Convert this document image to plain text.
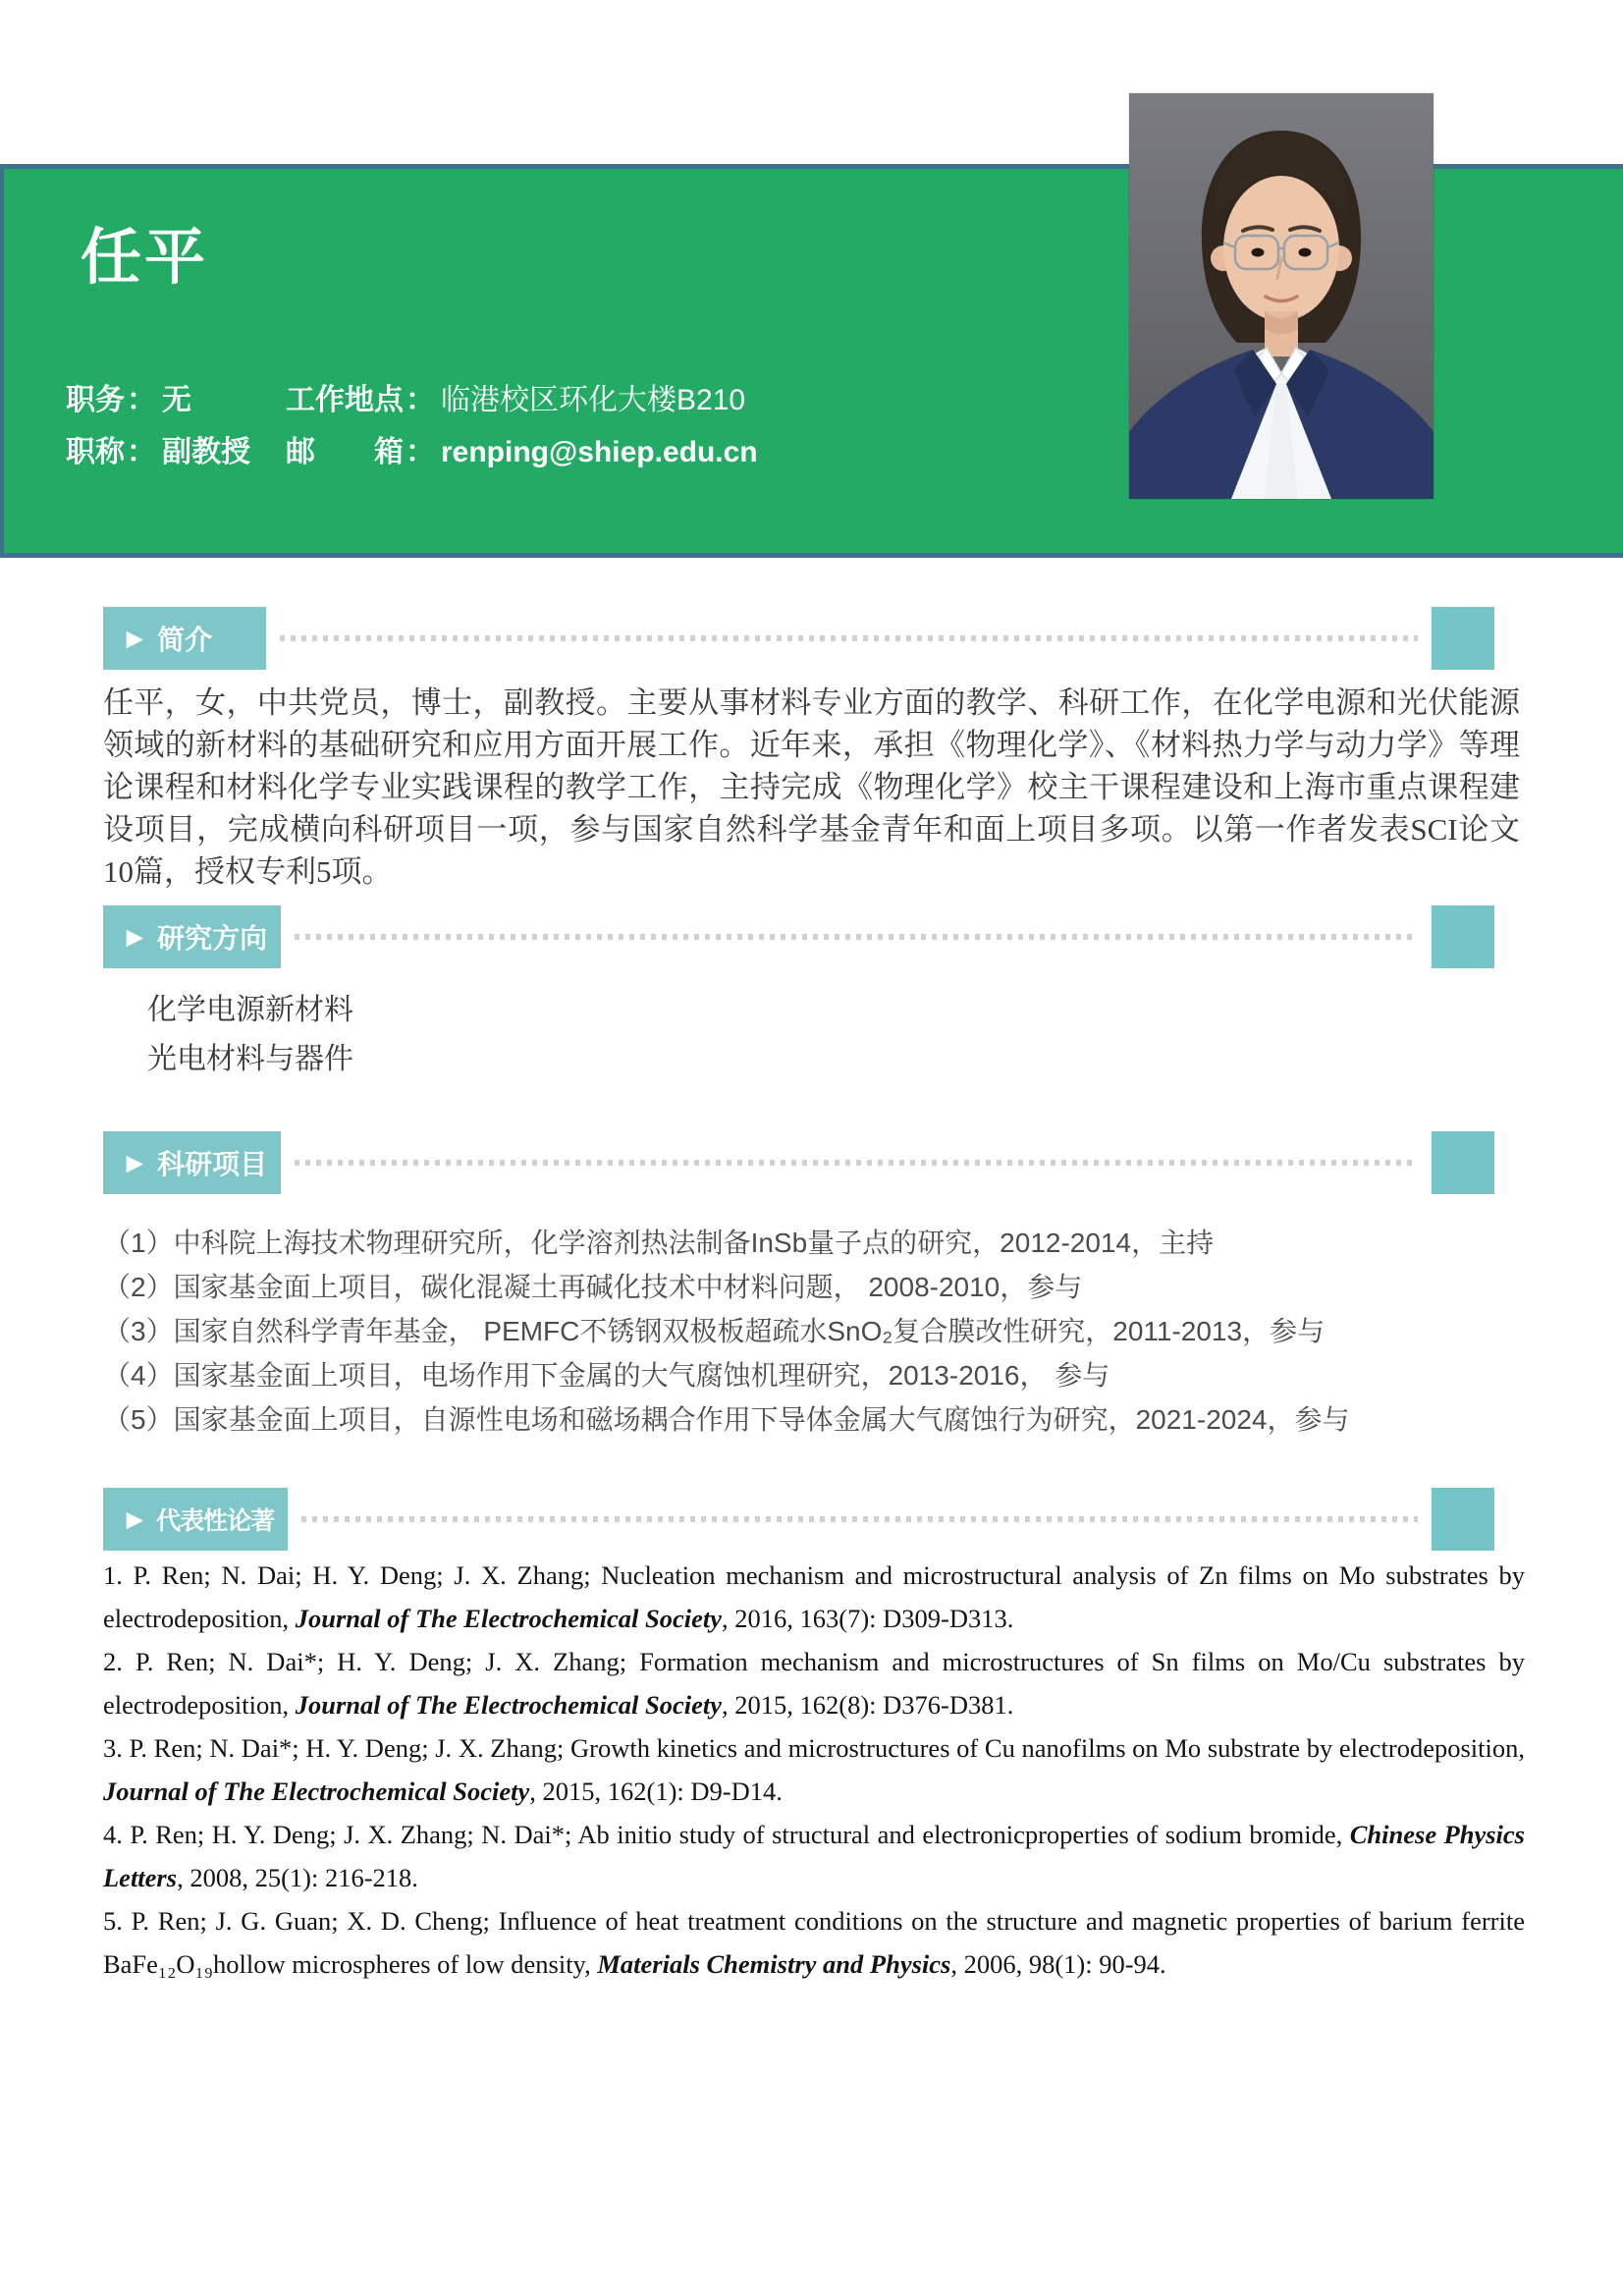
任平
职务 ： 无
职称 ： 副教授
工作地点 ： 临港校区环化大楼B210
邮箱 ： renping@shiep.edu.cn
▶ 简介
任平，女，中共党员，博士，副教授。主要从事材料专业方面的教学、科研工作，在化学电源和光伏能源领域的新材料的基础研究和应用方面开展工作。近年来，承担《物理化学》、《材料热力学与动力学》等理论课程和材料化学专业实践课程的教学工作，主持完成《物理化学》校主干课程建设和上海市重点课程建设项目，完成横向科研项目一项，参与国家自然科学基金青年和面上项目多项。以第一作者发表SCI论文10篇，授权专利5项。
▶ 研究方向
化学电源新材料
光电材料与器件
▶ 科研项目
（1）中科院上海技术物理研究所，化学溶剂热法制备InSb量子点的研究，2012-2014，主持
（2）国家基金面上项目，碳化混凝土再碱化技术中材料问题， 2008-2010，参与
（3）国家自然科学青年基金， PEMFC不锈钢双极板超疏水SnO₂复合膜改性研究，2011-2013，参与
（4）国家基金面上项目，电场作用下金属的大气腐蚀机理研究，2013-2016， 参与
（5）国家基金面上项目，自源性电场和磁场耦合作用下导体金属大气腐蚀行为研究，2021-2024，参与
▶ 代表性论著

1. P. Ren; N. Dai; H. Y. Deng; J. X. Zhang; Nucleation mechanism and microstructural analysis of Zn films on Mo substrates by electrodeposition, Journal of The Electrochemical Society, 2016, 163(7): D309-D313.

2. P. Ren; N. Dai*; H. Y. Deng; J. X. Zhang; Formation mechanism and microstructures of Sn films on Mo/Cu substrates by electrodeposition, Journal of The Electrochemical Society, 2015, 162(8): D376-D381.

3. P. Ren; N. Dai*; H. Y. Deng; J. X. Zhang; Growth kinetics and microstructures of Cu nanofilms on Mo substrate by electrodeposition, Journal of The Electrochemical Society, 2015, 162(1): D9-D14.

4. P. Ren; H. Y. Deng; J. X. Zhang; N. Dai*; Ab initio study of structural and electronicproperties of sodium bromide, Chinese Physics Letters, 2008, 25(1): 216-218.

5. P. Ren; J. G. Guan; X. D. Cheng; Influence of heat treatment conditions on the structure and magnetic properties of barium ferrite BaFe₁₂O₁₉hollow microspheres of low density, Materials Chemistry and Physics, 2006, 98(1): 90-94.
